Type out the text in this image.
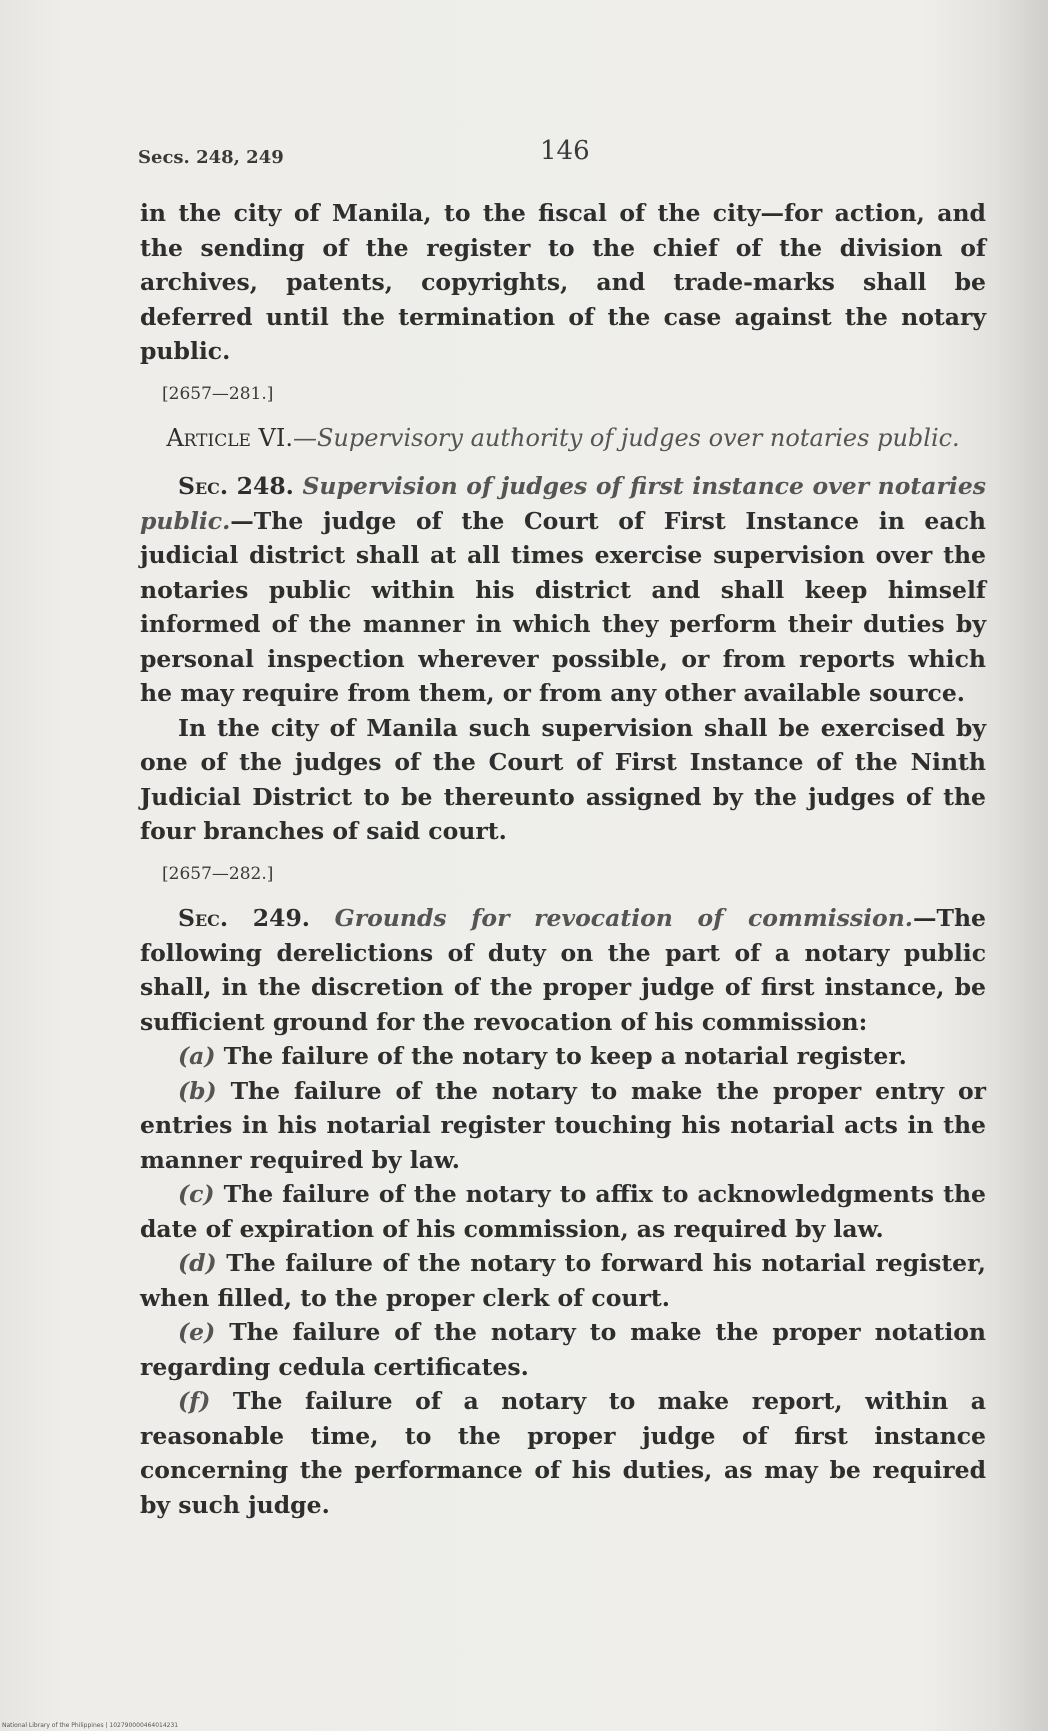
Secs. 248, 249	146

in the city of Manila, to the fiscal of the city—for action, and the sending of the register to the chief of the division of archives, patents, copyrights, and trade-marks shall be deferred until the termination of the case against the notary public.

[2657—281.]

Article VI.—Supervisory authority of judges over notaries public.

Sec. 248. Supervision of judges of first instance over notaries public.—The judge of the Court of First Instance in each judicial district shall at all times exercise supervision over the notaries public within his district and shall keep himself informed of the manner in which they perform their duties by personal inspection wherever possible, or from reports which he may require from them, or from any other available source.

In the city of Manila such supervision shall be exercised by one of the judges of the Court of First Instance of the Ninth Judicial District to be thereunto assigned by the judges of the four branches of said court.

[2657—282.]

Sec. 249. Grounds for revocation of commission.—The following derelictions of duty on the part of a notary public shall, in the discretion of the proper judge of first instance, be sufficient ground for the revocation of his commission:

(a) The failure of the notary to keep a notarial register.

(b) The failure of the notary to make the proper entry or entries in his notarial register touching his notarial acts in the manner required by law.

(c) The failure of the notary to affix to acknowledgments the date of expiration of his commission, as required by law.

(d) The failure of the notary to forward his notarial register, when filled, to the proper clerk of court.

(e) The failure of the notary to make the proper notation regarding cedula certificates.

(f) The failure of a notary to make report, within a reasonable time, to the proper judge of first instance concerning the performance of his duties, as may be required by such judge.

National Library of the Philippines | 102790000464014231
